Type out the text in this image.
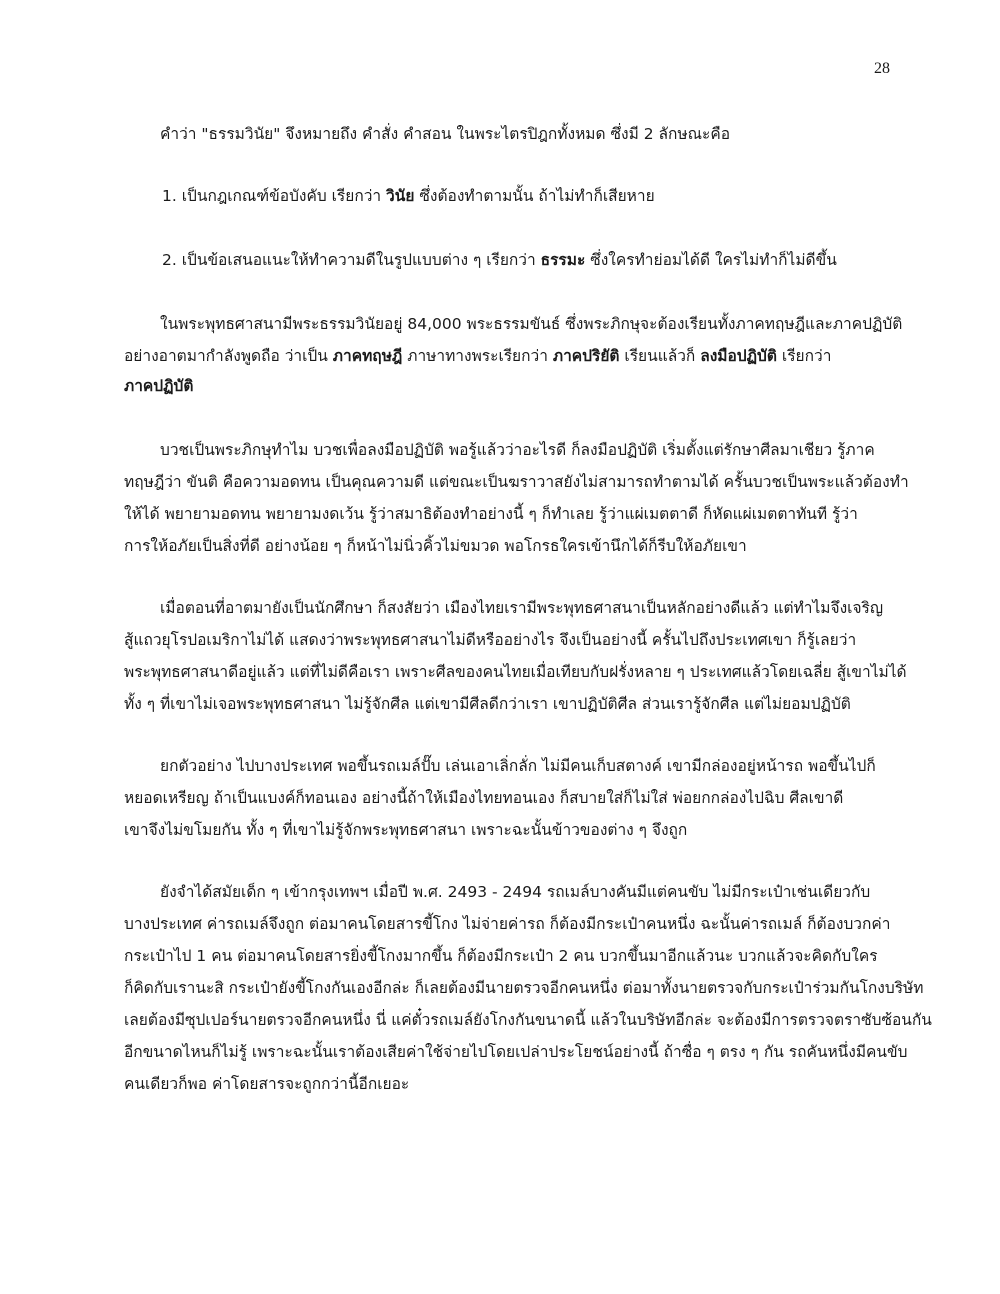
28
คำว่า "ธรรมวินัย" จึงหมายถึง คำสั่ง คำสอน ในพระไตรปิฎกทั้งหมด ซึ่งมี 2 ลักษณะคือ
1. เป็นกฎเกณฑ์ข้อบังคับ เรียกว่า วินัย ซึ่งต้องทำตามนั้น ถ้าไม่ทำก็เสียหาย
2. เป็นข้อเสนอแนะให้ทำความดีในรูปแบบต่าง ๆ เรียกว่า ธรรมะ ซึ่งใครทำย่อมได้ดี ใครไม่ทำก็ไม่ดีขึ้น
ในพระพุทธศาสนามีพระธรรมวินัยอยู่ 84,000 พระธรรมขันธ์ ซึ่งพระภิกษุจะต้องเรียนทั้งภาคทฤษฎีและภาคปฏิบัติ
อย่างอาตมากำลังพูดถือ ว่าเป็น ภาคทฤษฎี ภาษาทางพระเรียกว่า ภาคปริยัติ เรียนแล้วก็ ลงมือปฏิบัติ เรียกว่า
ภาคปฏิบัติ
บวชเป็นพระภิกษุทำไม บวชเพื่อลงมือปฏิบัติ พอรู้แล้วว่าอะไรดี ก็ลงมือปฏิบัติ เริ่มตั้งแต่รักษาศีลมาเชียว รู้ภาค
ทฤษฎีว่า ขันติ คือความอดทน เป็นคุณความดี แต่ขณะเป็นฆราวาสยังไม่สามารถทำตามได้ ครั้นบวชเป็นพระแล้วต้องทำ
ให้ได้ พยายามอดทน พยายามงดเว้น รู้ว่าสมาธิต้องทำอย่างนี้ ๆ ก็ทำเลย รู้ว่าแผ่เมตตาดี ก็หัดแผ่เมตตาทันที รู้ว่า
การให้อภัยเป็นสิ่งที่ดี อย่างน้อย ๆ ก็หน้าไม่นิ่วคิ้วไม่ขมวด พอโกรธใครเข้านึกได้ก็รีบให้อภัยเขา
เมื่อตอนที่อาตมายังเป็นนักศึกษา ก็สงสัยว่า เมืองไทยเรามีพระพุทธศาสนาเป็นหลักอย่างดีแล้ว แต่ทำไมจึงเจริญ
สู้แถวยุโรปอเมริกาไม่ได้ แสดงว่าพระพุทธศาสนาไม่ดีหรืออย่างไร จึงเป็นอย่างนี้ ครั้นไปถึงประเทศเขา ก็รู้เลยว่า
พระพุทธศาสนาดีอยู่แล้ว แต่ที่ไม่ดีคือเรา เพราะศีลของคนไทยเมื่อเทียบกับฝรั่งหลาย ๆ ประเทศแล้วโดยเฉลี่ย สู้เขาไม่ได้
ทั้ง ๆ ที่เขาไม่เจอพระพุทธศาสนา ไม่รู้จักศีล แต่เขามีศีลดีกว่าเรา เขาปฏิบัติศีล ส่วนเรารู้จักศีล แต่ไม่ยอมปฏิบัติ
ยกตัวอย่าง ไปบางประเทศ พอขึ้นรถเมล์ปั๊บ เล่นเอาเลิ่กลั่ก ไม่มีคนเก็บสตางค์ เขามีกล่องอยู่หน้ารถ พอขึ้นไปก็
หยอดเหรียญ ถ้าเป็นแบงค์ก็ทอนเอง อย่างนี้ถ้าให้เมืองไทยทอนเอง ก็สบายใส่ก็ไม่ใส่ พ่อยกกล่องไปฉิบ ศีลเขาดี
เขาจึงไม่ขโมยกัน ทั้ง ๆ ที่เขาไม่รู้จักพระพุทธศาสนา เพราะฉะนั้นข้าวของต่าง ๆ จึงถูก
ยังจำได้สมัยเด็ก ๆ เข้ากรุงเทพฯ เมื่อปี พ.ศ. 2493 - 2494 รถเมล์บางคันมีแต่คนขับ ไม่มีกระเป๋าเช่นเดียวกับ
บางประเทศ ค่ารถเมล์จึงถูก ต่อมาคนโดยสารขี้โกง ไม่จ่ายค่ารถ ก็ต้องมีกระเป๋าคนหนึ่ง ฉะนั้นค่ารถเมล์ ก็ต้องบวกค่า
กระเป๋าไป 1 คน ต่อมาคนโดยสารยิ่งขี้โกงมากขึ้น ก็ต้องมีกระเป๋า 2 คน บวกขึ้นมาอีกแล้วนะ บวกแล้วจะคิดกับใคร
ก็คิดกับเรานะสิ กระเป๋ายังขี้โกงกันเองอีกล่ะ ก็เลยต้องมีนายตรวจอีกคนหนึ่ง ต่อมาทั้งนายตรวจกับกระเป๋าร่วมกันโกงบริษัท
เลยต้องมีซุปเปอร์นายตรวจอีกคนหนึ่ง นี่ แค่ตั๋วรถเมล์ยังโกงกันขนาดนี้ แล้วในบริษัทอีกล่ะ จะต้องมีการตรวจตราซับซ้อนกัน
อีกขนาดไหนก็ไม่รู้ เพราะฉะนั้นเราต้องเสียค่าใช้จ่ายไปโดยเปล่าประโยชน์อย่างนี้ ถ้าซื่อ ๆ ตรง ๆ กัน รถคันหนึ่งมีคนขับ
คนเดียวก็พอ ค่าโดยสารจะถูกกว่านี้อีกเยอะ
